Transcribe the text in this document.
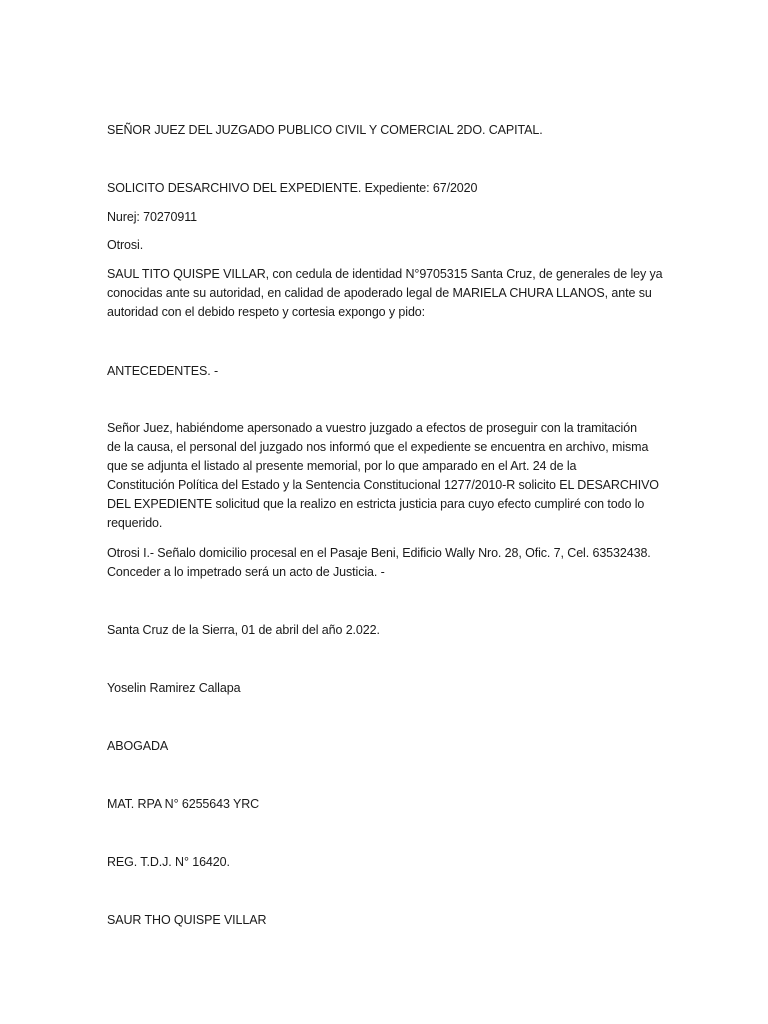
SEÑOR JUEZ DEL JUZGADO PUBLICO CIVIL Y COMERCIAL 2DO. CAPITAL.
SOLICITO DESARCHIVO DEL EXPEDIENTE. Expediente: 67/2020
Nurej: 70270911
Otrosi.
SAUL TITO QUISPE VILLAR, con cedula de identidad N°9705315 Santa Cruz, de generales de ley ya
conocidas ante su autoridad, en calidad de apoderado legal de MARIELA CHURA LLANOS, ante su
autoridad con el debido respeto y cortesia expongo y pido:
ANTECEDENTES. -
Señor Juez, habiéndome apersonado a vuestro juzgado a efectos de proseguir con la tramitación
de la causa, el personal del juzgado nos informó que el expediente se encuentra en archivo, misma
que se adjunta el listado al presente memorial, por lo que amparado en el Art. 24 de la
Constitución Política del Estado y la Sentencia Constitucional 1277/2010-R solicito EL DESARCHIVO
DEL EXPEDIENTE solicitud que la realizo en estricta justicia para cuyo efecto cumpliré con todo lo
requerido.
Otrosi I.- Señalo domicilio procesal en el Pasaje Beni, Edificio Wally Nro. 28, Ofic. 7, Cel. 63532438.
Conceder a lo impetrado será un acto de Justicia. -
Santa Cruz de la Sierra, 01 de abril del año 2.022.
Yoselin Ramirez Callapa
ABOGADA
MAT. RPA N° 6255643 YRC
REG. T.D.J. N° 16420.
SAUR THO QUISPE VILLAR
